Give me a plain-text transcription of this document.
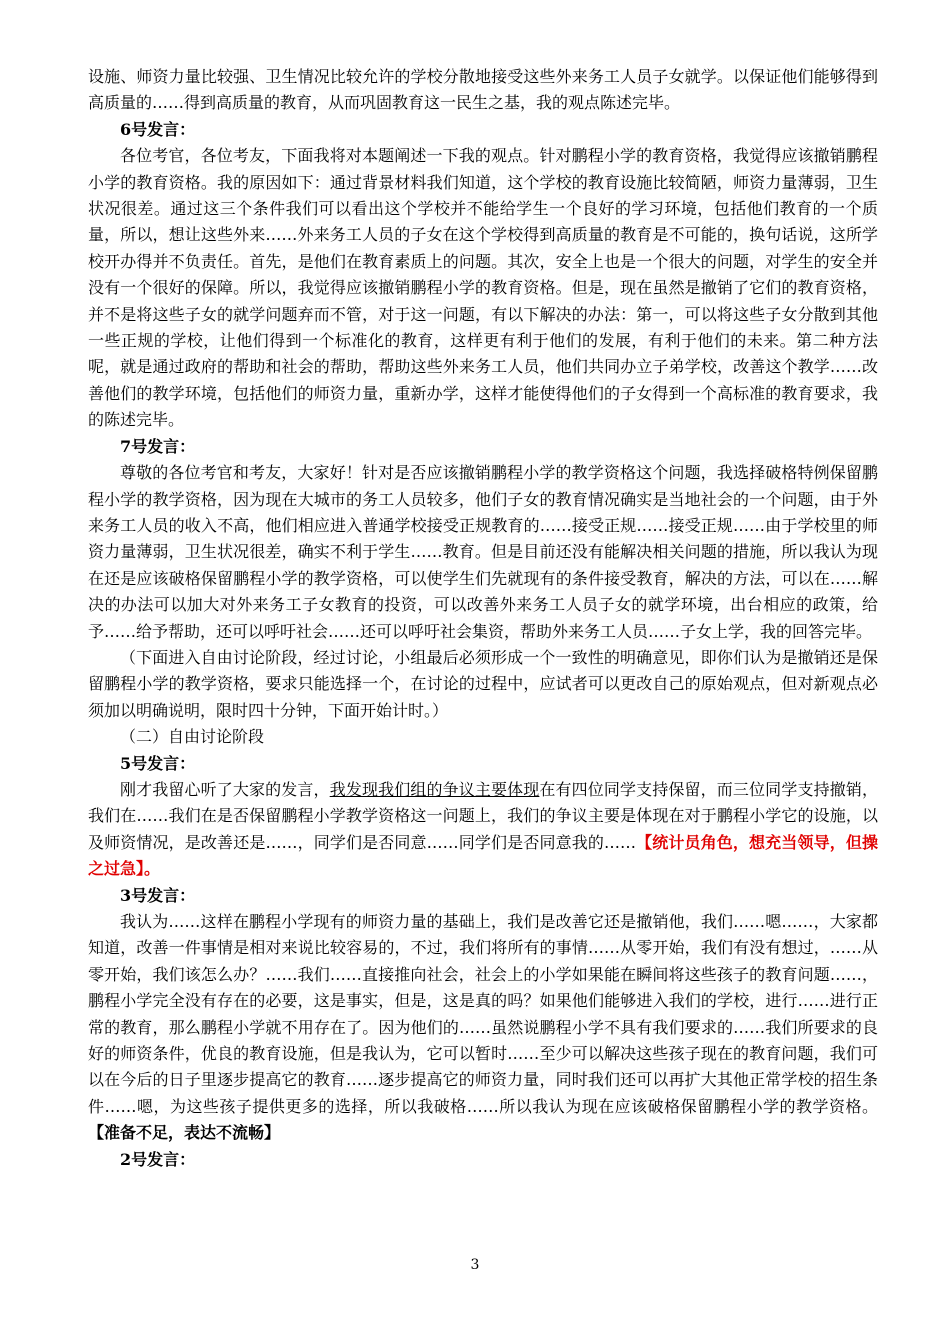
设施、师资力量比较强、卫生情况比较允许的学校分散地接受这些外来务工人员子女就学。以保证他们能够得到高质量的……得到高质量的教育，从而巩固教育这一民生之基，我的观点陈述完毕。

6号发言：

各位考官，各位考友，下面我将对本题阐述一下我的观点。针对鹏程小学的教育资格，我觉得应该撤销鹏程小学的教育资格。我的原因如下：通过背景材料我们知道，这个学校的教育设施比较简陋，师资力量薄弱，卫生状况很差。通过这三个条件我们可以看出这个学校并不能给学生一个良好的学习环境，包括他们教育的一个质量，所以，想让这些外来……外来务工人员的子女在这个学校得到高质量的教育是不可能的，换句话说，这所学校开办得并不负责任。首先，是他们在教育素质上的问题。其次，安全上也是一个很大的问题，对学生的安全并没有一个很好的保障。所以，我觉得应该撤销鹏程小学的教育资格。但是，现在虽然是撤销了它们的教育资格，并不是将这些子女的就学问题弃而不管，对于这一问题，有以下解决的办法：第一，可以将这些子女分散到其他一些正规的学校，让他们得到一个标准化的教育，这样更有利于他们的发展，有利于他们的未来。第二种方法呢，就是通过政府的帮助和社会的帮助，帮助这些外来务工人员，他们共同办立子弟学校，改善这个教学……改善他们的教学环境，包括他们的师资力量，重新办学，这样才能使得他们的子女得到一个高标准的教育要求，我的陈述完毕。

7号发言：

尊敬的各位考官和考友，大家好！针对是否应该撤销鹏程小学的教学资格这个问题，我选择破格特例保留鹏程小学的教学资格，因为现在大城市的务工人员较多，他们子女的教育情况确实是当地社会的一个问题，由于外来务工人员的收入不高，他们相应进入普通学校接受正规教育的……接受正规……接受正规……由于学校里的师资力量薄弱，卫生状况很差，确实不利于学生……教育。但是目前还没有能解决相关问题的措施，所以我认为现在还是应该破格保留鹏程小学的教学资格，可以使学生们先就现有的条件接受教育，解决的方法，可以在……解决的办法可以加大对外来务工子女教育的投资，可以改善外来务工人员子女的就学环境，出台相应的政策，给予……给予帮助，还可以呼吁社会……还可以呼吁社会集资，帮助外来务工人员……子女上学，我的回答完毕。

（下面进入自由讨论阶段，经过讨论，小组最后必须形成一个一致性的明确意见，即你们认为是撤销还是保留鹏程小学的教学资格，要求只能选择一个，在讨论的过程中，应试者可以更改自己的原始观点，但对新观点必须加以明确说明，限时四十分钟，下面开始计时。）

（二）自由讨论阶段

5号发言：

刚才我留心听了大家的发言，我发现我们组的争议主要体现在有四位同学支持保留，而三位同学支持撤销，我们在……我们在是否保留鹏程小学教学资格这一问题上，我们的争议主要是体现在对于鹏程小学它的设施，以及师资情况，是改善还是……，同学们是否同意……同学们是否同意我的……【统计员角色，想充当领导，但操之过急】。

3号发言：

我认为……这样在鹏程小学现有的师资力量的基础上，我们是改善它还是撤销他，我们……嗯……，大家都知道，改善一件事情是相对来说比较容易的，不过，我们将所有的事情……从零开始，我们有没有想过，……从零开始，我们该怎么办？……我们……直接推向社会，社会上的小学如果能在瞬间将这些孩子的教育问题……，鹏程小学完全没有存在的必要，这是事实，但是，这是真的吗？如果他们能够进入我们的学校，进行……进行正常的教育，那么鹏程小学就不用存在了。因为他们的……虽然说鹏程小学不具有我们要求的……我们所要求的良好的师资条件，优良的教育设施，但是我认为，它可以暂时……至少可以解决这些孩子现在的教育问题，我们可以在今后的日子里逐步提高它的教育……逐步提高它的师资力量，同时我们还可以再扩大其他正常学校的招生条件……嗯，为这些孩子提供更多的选择，所以我破格……所以我认为现在应该破格保留鹏程小学的教学资格。【准备不足，表达不流畅】

2号发言：

3
